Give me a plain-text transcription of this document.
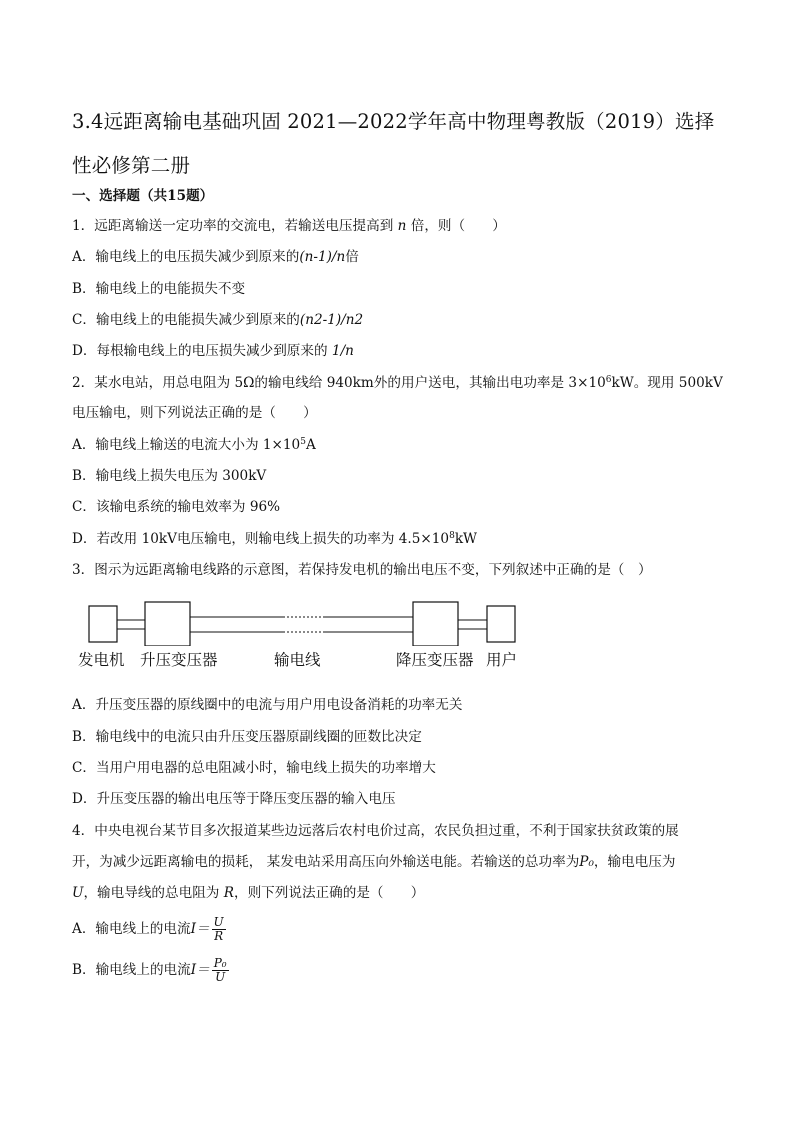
3.4远距离输电基础巩固 2021—2022学年高中物理粤教版（2019）选择性必修第二册
一、选择题（共15题）
1．远距离输送一定功率的交流电，若输送电压提高到 n 倍，则（　　）
A．输电线上的电压损失减少到原来的(n-1)/n倍
B．输电线上的电能损失不变
C．输电线上的电能损失减少到原来的(n2-1)/n2
D．每根输电线上的电压损失减少到原来的 1/n
2．某水电站，用总电阻为 5Ω的输电线给 940km外的用户送电，其输出电功率是 $3\times 10^6kW$。现用 500kV
电压输电，则下列说法正确的是（　　）
A．输电线上输送的电流大小为 $1\times 10^5A$
B．输电线上损失电压为 300kV
C．该输电系统的输电效率为 96%
D．若改用 10kV电压输电，则输电线上损失的功率为 $4.5\times 10^8kW$
3．图示为远距离输电线路的示意图，若保持发电机的输出电压不变，下列叙述中正确的是（　）
发电机 升压变压器	输电线	降压变压器 用户
A．升压变压器的原线圈中的电流与用户用电设备消耗的功率无关
B．输电线中的电流只由升压变压器原副线圈的匝数比决定
C．当用户用电器的总电阻减小时，输电线上损失的功率增大
D．升压变压器的输出电压等于降压变压器的输入电压
4．中央电视台某节目多次报道某些边远落后农村电价过高，农民负担过重，不利于国家扶贫政策的展
开，为减少远距离输电的损耗， 某发电站采用高压向外输送电能。若输送的总功率为P₀，输电电压为
U，输电导线的总电阻为 R，则下列说法正确的是（　　）
A．输电线上的电流$I= \frac{U}{R}$
B．输电线上的电流$I= \frac{\text{P₀}}{U}$
